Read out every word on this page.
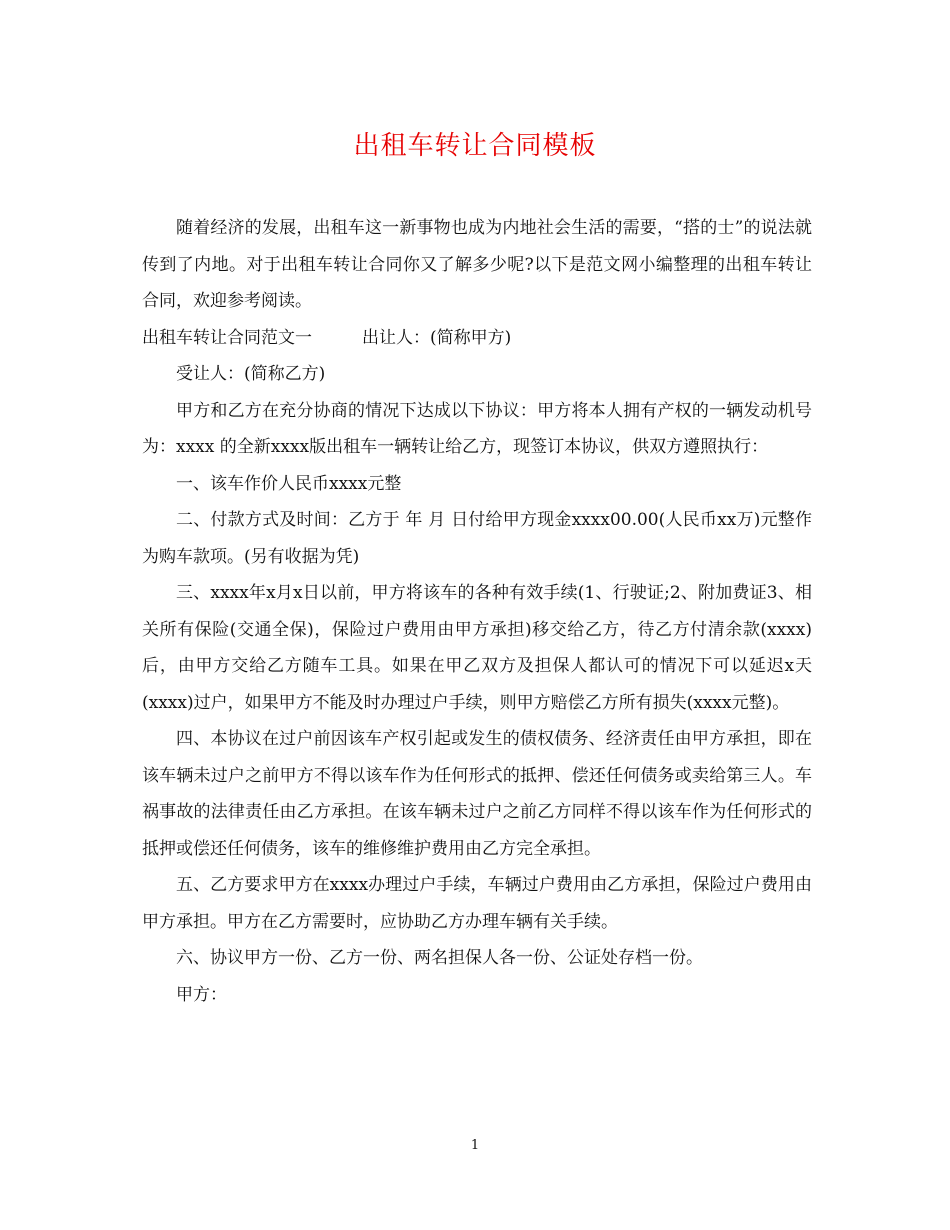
出租车转让合同模板

随着经济的发展，出租车这一新事物也成为内地社会生活的需要，“搭的士”的说法就传到了内地。对于出租车转让合同你又了解多少呢?以下是范文网小编整理的出租车转让合同，欢迎参考阅读。

出租车转让合同范文一	出让人：(简称甲方)

受让人：(简称乙方)

甲方和乙方在充分协商的情况下达成以下协议：甲方将本人拥有产权的一辆发动机号为：xxxx 的全新xxxx版出租车一辆转让给乙方，现签订本协议，供双方遵照执行：

一、该车作价人民币xxxx元整

二、付款方式及时间：乙方于 年 月 日付给甲方现金xxxx00.00(人民币xx万)元整作为购车款项。(另有收据为凭)

三、xxxx年x月x日以前，甲方将该车的各种有效手续(1、行驶证;2、附加费证3、相关所有保险(交通全保)，保险过户费用由甲方承担)移交给乙方，待乙方付清余款(xxxx)后，由甲方交给乙方随车工具。如果在甲乙双方及担保人都认可的情况下可以延迟x天(xxxx)过户，如果甲方不能及时办理过户手续，则甲方赔偿乙方所有损失(xxxx元整)。

四、本协议在过户前因该车产权引起或发生的债权债务、经济责任由甲方承担，即在该车辆未过户之前甲方不得以该车作为任何形式的抵押、偿还任何债务或卖给第三人。车祸事故的法律责任由乙方承担。在该车辆未过户之前乙方同样不得以该车作为任何形式的抵押或偿还任何债务，该车的维修维护费用由乙方完全承担。

五、乙方要求甲方在xxxx办理过户手续，车辆过户费用由乙方承担，保险过户费用由甲方承担。甲方在乙方需要时，应协助乙方办理车辆有关手续。

六、协议甲方一份、乙方一份、两名担保人各一份、公证处存档一份。

甲方：

1
